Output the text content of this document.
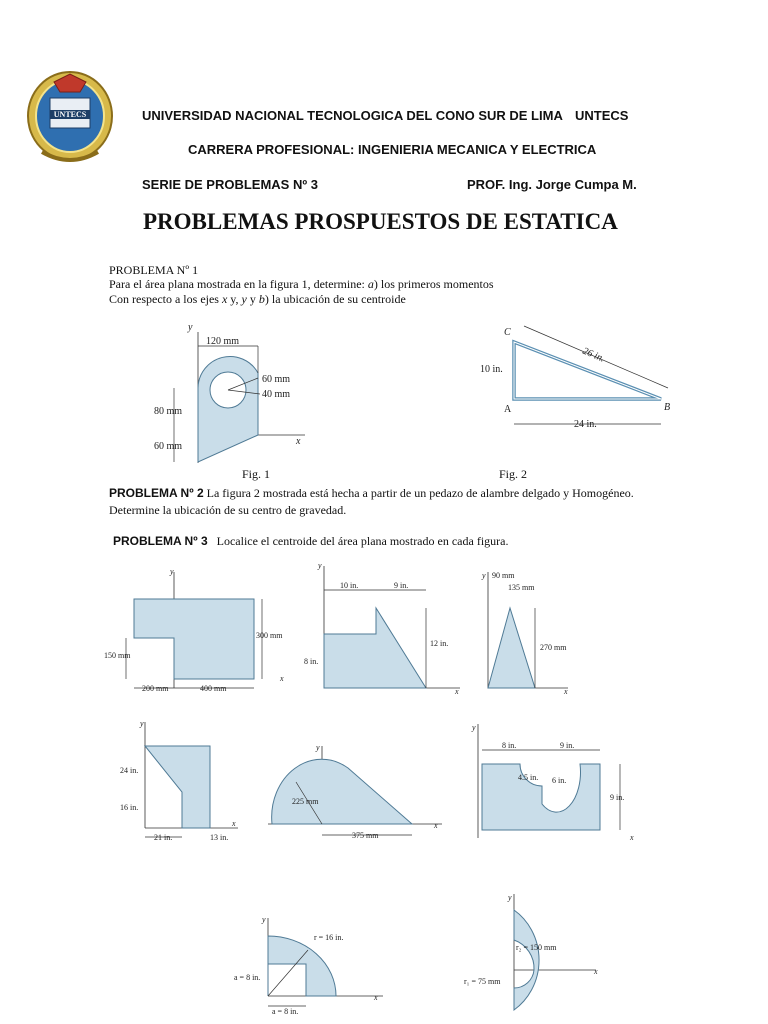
UNTECS	UNIVERSIDAD NACIONAL TECNOLOGICA DEL CONO SUR DE LIMA UNTECS
CARRERA PROFESIONAL: INGENIERIA MECANICA Y ELECTRICA
SERIE DE PROBLEMAS Nº 3	PROF. Ing. Jorge Cumpa M.
PROBLEMAS PROSPUESTOS DE ESTATICA
PROBLEMA Nº 1
Para el área plana mostrada en la figura 1, determine: a) los primeros momentos
Con respecto a los ejes x y, y y b) la ubicación de su centroide
y
x
120 mm
60 mm
40 mm
80 mm
60 mm
Fig. 1
C
A	B
26 in.
10 in.
24 in.
Fig. 2
PROBLEMA Nº 2 La figura 2 mostrada está hecha a partir de un pedazo de alambre delgado y Homogéneo.
Determine la ubicación de su centro de gravedad.
PROBLEMA Nº 3 Localice el centroide del área plana mostrado en cada figura.
y
300 mm
150 mm
200 mm	400 mm
x
y
10 in.	9 in.
12 in.
8 in.
x
y 90 mm
135 mm
270 mm
x
y
24 in.
16 in.
21 in.	13 in.
x
y
225 mm
375 mm
x
y
8 in.	9 in.
4.5 in. 6 in.
9 in.
x
y
r = 16 in.
a = 8 in.
a = 8 in.
x
y
r₂ = 150 mm
r₁ = 75 mm
x
